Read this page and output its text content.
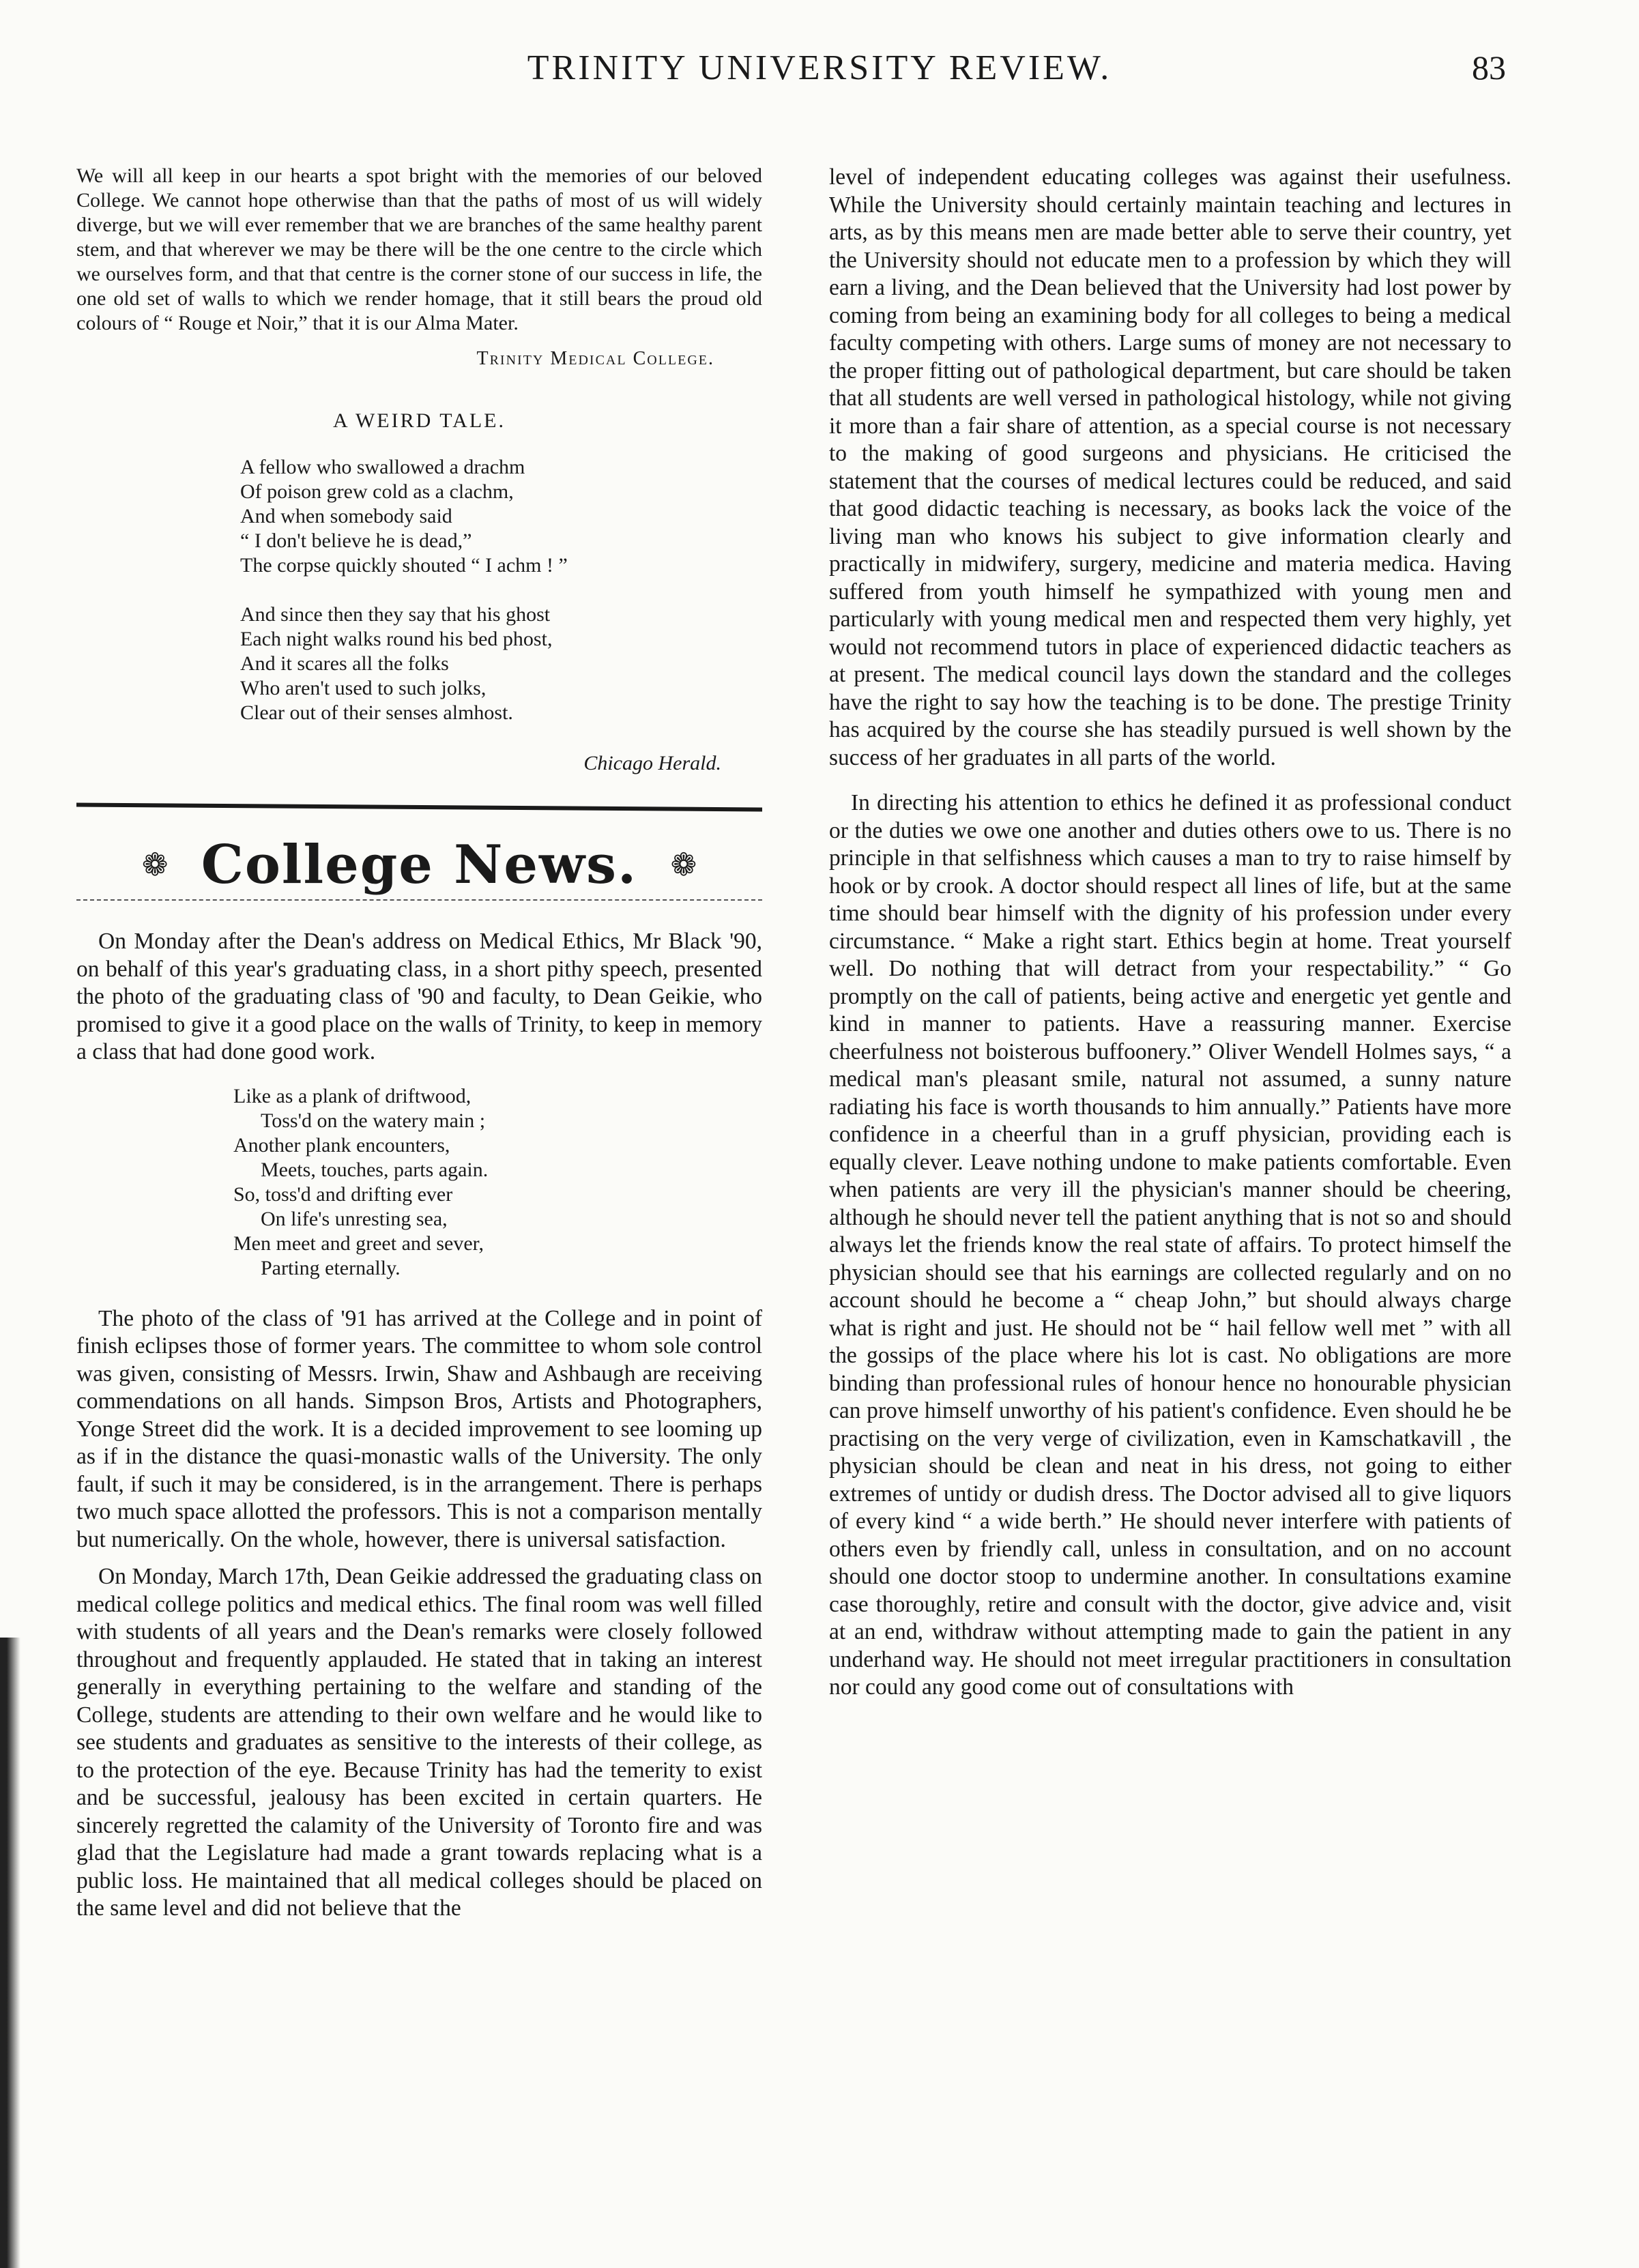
TRINITY UNIVERSITY REVIEW.	83

We will all keep in our hearts a spot bright with the memories of our beloved College. We cannot hope otherwise than that the paths of most of us will widely diverge, but we will ever remember that we are branches of the same healthy parent stem, and that wherever we may be there will be the one centre to the circle which we ourselves form, and that that centre is the corner stone of our success in life, the one old set of walls to which we render homage, that it still bears the proud old colours of “ Rouge et Noir,” that it is our Alma Mater.

Trinity Medical College.
A WEIRD TALE.
A fellow who swallowed a drachm
Of poison grew cold as a clachm,
And when somebody said
“ I don't believe he is dead,”
The corpse quickly shouted “ I achm ! ”
And since then they say that his ghost
Each night walks round his bed phost,
And it scares all the folks
Who aren't used to such jolks,
Clear out of their senses almhost.
Chicago Herald.
❁ College News. ❁

On Monday after the Dean's address on Medical Ethics, Mr Black '90, on behalf of this year's graduating class, in a short pithy speech, presented the photo of the graduating class of '90 and faculty, to Dean Geikie, who promised to give it a good place on the walls of Trinity, to keep in memory a class that had done good work.

Like as a plank of driftwood,
Toss'd on the watery main ;
Another plank encounters,
Meets, touches, parts again.
So, toss'd and drifting ever
On life's unresting sea,
Men meet and greet and sever,
Parting eternally.

The photo of the class of '91 has arrived at the College and in point of finish eclipses those of former years. The committee to whom sole control was given, consisting of Messrs. Irwin, Shaw and Ashbaugh are receiving commendations on all hands. Simpson Bros, Artists and Photographers, Yonge Street did the work. It is a decided improvement to see looming up as if in the distance the quasi-monastic walls of the University. The only fault, if such it may be considered, is in the arrangement. There is perhaps two much space allotted the professors. This is not a comparison mentally but numerically. On the whole, however, there is universal satisfaction.

On Monday, March 17th, Dean Geikie addressed the graduating class on medical college politics and medical ethics. The final room was well filled with students of all years and the Dean's remarks were closely followed throughout and frequently applauded. He stated that in taking an interest generally in everything pertaining to the welfare and standing of the College, students are attending to their own welfare and he would like to see students and graduates as sensitive to the interests of their college, as to the protection of the eye. Because Trinity has had the temerity to exist and be successful, jealousy has been excited in certain quarters. He sincerely regretted the calamity of the University of Toronto fire and was glad that the Legislature had made a grant towards replacing what is a public loss. He maintained that all medical colleges should be placed on the same level and did not believe that the

level of independent educating colleges was against their usefulness. While the University should certainly maintain teaching and lectures in arts, as by this means men are made better able to serve their country, yet the University should not educate men to a profession by which they will earn a living, and the Dean believed that the University had lost power by coming from being an examining body for all colleges to being a medical faculty competing with others. Large sums of money are not necessary to the proper fitting out of pathological department, but care should be taken that all students are well versed in pathological histology, while not giving it more than a fair share of attention, as a special course is not necessary to the making of good surgeons and physicians. He criticised the statement that the courses of medical lectures could be reduced, and said that good didactic teaching is necessary, as books lack the voice of the living man who knows his subject to give information clearly and practically in midwifery, surgery, medicine and materia medica. Having suffered from youth himself he sympathized with young men and particularly with young medical men and respected them very highly, yet would not recommend tutors in place of experienced didactic teachers as at present. The medical council lays down the standard and the colleges have the right to say how the teaching is to be done. The prestige Trinity has acquired by the course she has steadily pursued is well shown by the success of her graduates in all parts of the world.

In directing his attention to ethics he defined it as professional conduct or the duties we owe one another and duties others owe to us. There is no principle in that selfishness which causes a man to try to raise himself by hook or by crook. A doctor should respect all lines of life, but at the same time should bear himself with the dignity of his profession under every circumstance. “ Make a right start. Ethics begin at home. Treat yourself well. Do nothing that will detract from your respectability.” “ Go promptly on the call of patients, being active and energetic yet gentle and kind in manner to patients. Have a reassuring manner. Exercise cheerfulness not boisterous buffoonery.” Oliver Wendell Holmes says, “ a medical man's pleasant smile, natural not assumed, a sunny nature radiating his face is worth thousands to him annually.” Patients have more confidence in a cheerful than in a gruff physician, providing each is equally clever. Leave nothing undone to make patients comfortable. Even when patients are very ill the physician's manner should be cheering, although he should never tell the patient anything that is not so and should always let the friends know the real state of affairs. To protect himself the physician should see that his earnings are collected regularly and on no account should he become a “ cheap John,” but should always charge what is right and just. He should not be “ hail fellow well met ” with all the gossips of the place where his lot is cast. No obligations are more binding than professional rules of honour hence no honourable physician can prove himself unworthy of his patient's confidence. Even should he be practising on the very verge of civilization, even in Kamschatkavill , the physician should be clean and neat in his dress, not going to either extremes of untidy or dudish dress. The Doctor advised all to give liquors of every kind “ a wide berth.” He should never interfere with patients of others even by friendly call, unless in consultation, and on no account should one doctor stoop to undermine another. In consultations examine case thoroughly, retire and consult with the doctor, give advice and, visit at an end, withdraw without attempting made to gain the patient in any underhand way. He should not meet irregular practitioners in consultation nor could any good come out of consultations with
